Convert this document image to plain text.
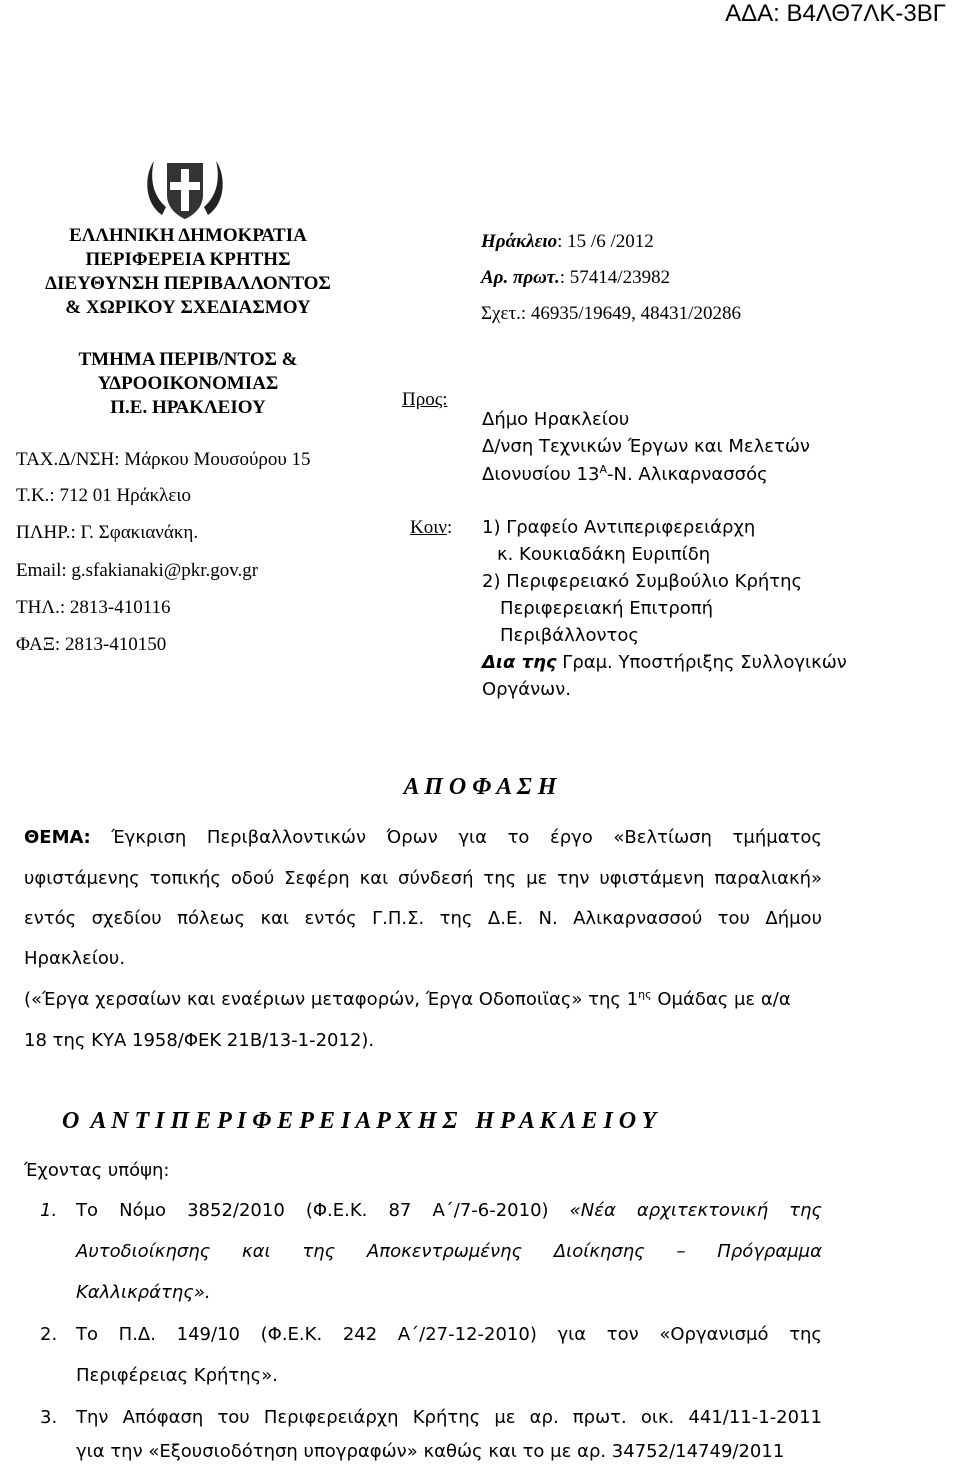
ΑΔΑ: Β4ΛΘ7ΛΚ-3ΒΓ
ΕΛΛΗΝΙΚΗ ΔΗΜΟΚΡΑΤΙΑ
ΠΕΡΙΦΕΡΕΙΑ ΚΡΗΤΗΣ
ΔΙΕΥΘΥΝΣΗ ΠΕΡΙΒΑΛΛΟΝΤΟΣ
& ΧΩΡΙΚΟΥ ΣΧΕΔΙΑΣΜΟΥ
ΤΜΗΜΑ ΠΕΡΙΒ/ΝΤΟΣ &
ΥΔΡΟΟΙΚΟΝΟΜΙΑΣ
Π.Ε. ΗΡΑΚΛΕΙΟΥ
ΤΑΧ.Δ/ΝΣΗ: Μάρκου Μουσούρου 15
Τ.Κ.: 712 01 Ηράκλειο
ΠΛΗΡ.: Γ. Σφακιανάκη.
Email: g.sfakianaki@pkr.gov.gr
ΤΗΛ.: 2813-410116
ΦΑΞ: 2813-410150
Ηράκλειο: 15 /6 /2012
Αρ. πρωτ.: 57414/23982
Σχετ.: 46935/19649, 48431/20286
Προς:
Δήμο Ηρακλείου
Δ/νση Τεχνικών Έργων και Μελετών
Διονυσίου $13^A-N$. Αλικαρνασσός
Κοιν: 1) Γραφείο Αντιπεριφερειάρχη
κ. Κουκιαδάκη Ευριπίδη
2) Περιφερειακό Συμβούλιο Κρήτης
Περιφερειακή Επιτροπή
Περιβάλλοντος
Δια της Γραμ. Υποστήριξης Συλλογικών
Οργάνων.
Α Π Ο Φ Α Σ Η
ΘΕΜΑ: Έγκριση Περιβαλλοντικών Όρων για το έργο «Βελτίωση τμήματος
υφιστάμενης τοπικής οδού Σεφέρη και σύνδεσή της με την υφιστάμενη παραλιακή»
εντός σχεδίου πόλεως και εντός Γ.Π.Σ. της Δ.Ε. Ν. Αλικαρνασσού του Δήμου
Ηρακλείου.
(«Έργα χερσαίων και εναέριων μεταφορών, Έργα Οδοποιϊας» της $1^{\eta\varsigma}$ Ομάδας με α/α
18 της ΚΥΑ 1958/ΦΕΚ 21Β/13-1-2012).
Ο  Α Ν Τ Ι Π Ε Ρ Ι Φ Ε Ρ Ε Ι Α Ρ Χ Η Σ   Η Ρ Α Κ Λ Ε Ι Ο Υ
Έχοντας υπόψη:
1. Το Νόμο 3852/2010 (Φ.Ε.Κ. 87 Α΄/7-6-2010) «Νέα αρχιτεκτονική της
Αυτοδιοίκησης και της Αποκεντρωμένης Διοίκησης – Πρόγραμμα
Καλλικράτης».
2. Το Π.Δ. 149/10 (Φ.Ε.Κ. 242 Α΄/27-12-2010) για τον «Οργανισμό της
Περιφέρειας Κρήτης».
3. Την Απόφαση του Περιφερειάρχη Κρήτης με αρ. πρωτ. οικ. 441/11-1-2011
για την «Εξουσιοδότηση υπογραφών» καθώς και το με αρ. 34752/14749/2011
